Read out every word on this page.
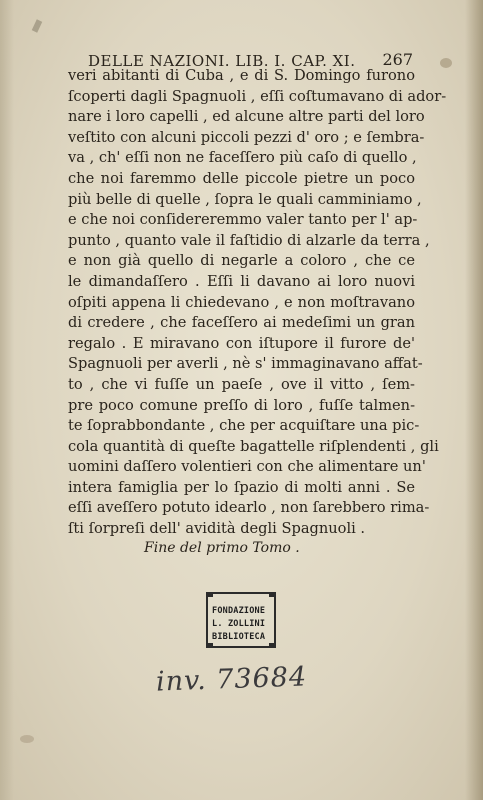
DELLE NAZIONI. LIB. I. CAP. XI. 267
veri abitanti di Cuba , e di S. Domingo furono
ſcoperti dagli Spagnuoli , eſſi coſtumavano di ador-
nare i loro capelli , ed alcune altre parti del loro
veſtito con alcuni piccoli pezzi d' oro ; e ſembra-
va , ch' eſſi non ne faceſſero più caſo di quello ,
che noi faremmo delle piccole pietre un poco
più belle di quelle , ſopra le quali camminiamo ,
e che noi conſidereremmo valer tanto per l' ap-
punto , quanto vale il faſtidio di alzarle da terra ,
e non già quello di negarle a coloro , che ce
le dimandaſſero . Eſſi li davano ai loro nuovi
oſpiti appena li chiedevano , e non moſtravano
di credere , che faceſſero ai medeſimi un gran
regalo . E miravano con iſtupore il furore de'
Spagnuoli per averli , nè s' immaginavano affat-
to , che vi fuſſe un paeſe , ove il vitto , ſem-
pre poco comune preſſo di loro , fuſſe talmen-
te ſoprabbondante , che per acquiſtare una pic-
cola quantità di queſte bagattelle riſplendenti , gli
uomini daſſero volentieri con che alimentare un'
intera famiglia per lo ſpazio di molti anni . Se
eſſi aveſſero potuto idearlo , non ſarebbero rima-
ſti ſorpreſi dell' avidità degli Spagnuoli .
Fine del primo Tomo .
FONDAZIONE
L. ZOLLINI
BIBLIOTECA
inv. 73684
